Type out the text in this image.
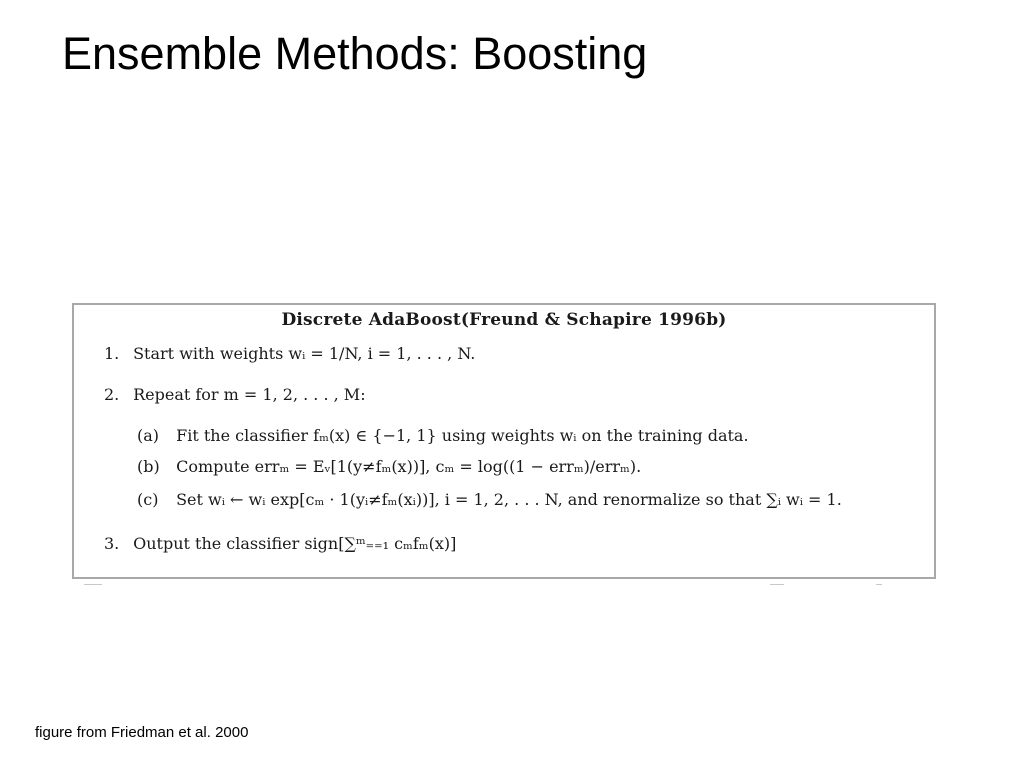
Ensemble Methods: Boosting
Discrete AdaBoost(Freund & Schapire 1996b)
1. Start with weights wᵢ = 1/N, i = 1, . . . , N.
2. Repeat for m = 1, 2, . . . , M:
(a) Fit the classifier fₘ(x) ∈ {−1, 1} using weights wᵢ on the training data.
(b) Compute errₘ = Eᵥ[1(y≠fₘ(x))], cₘ = log((1 − errₘ)/errₘ).
(c) Set wᵢ ← wᵢ exp[cₘ · 1(yᵢ≠fₘ(xᵢ))], i = 1, 2, . . . N, and renormalize so that ∑ᵢ wᵢ = 1.
3. Output the classifier sign[∑ᵐ₌₌₁ cₘfₘ(x)]
figure from Friedman et al. 2000
